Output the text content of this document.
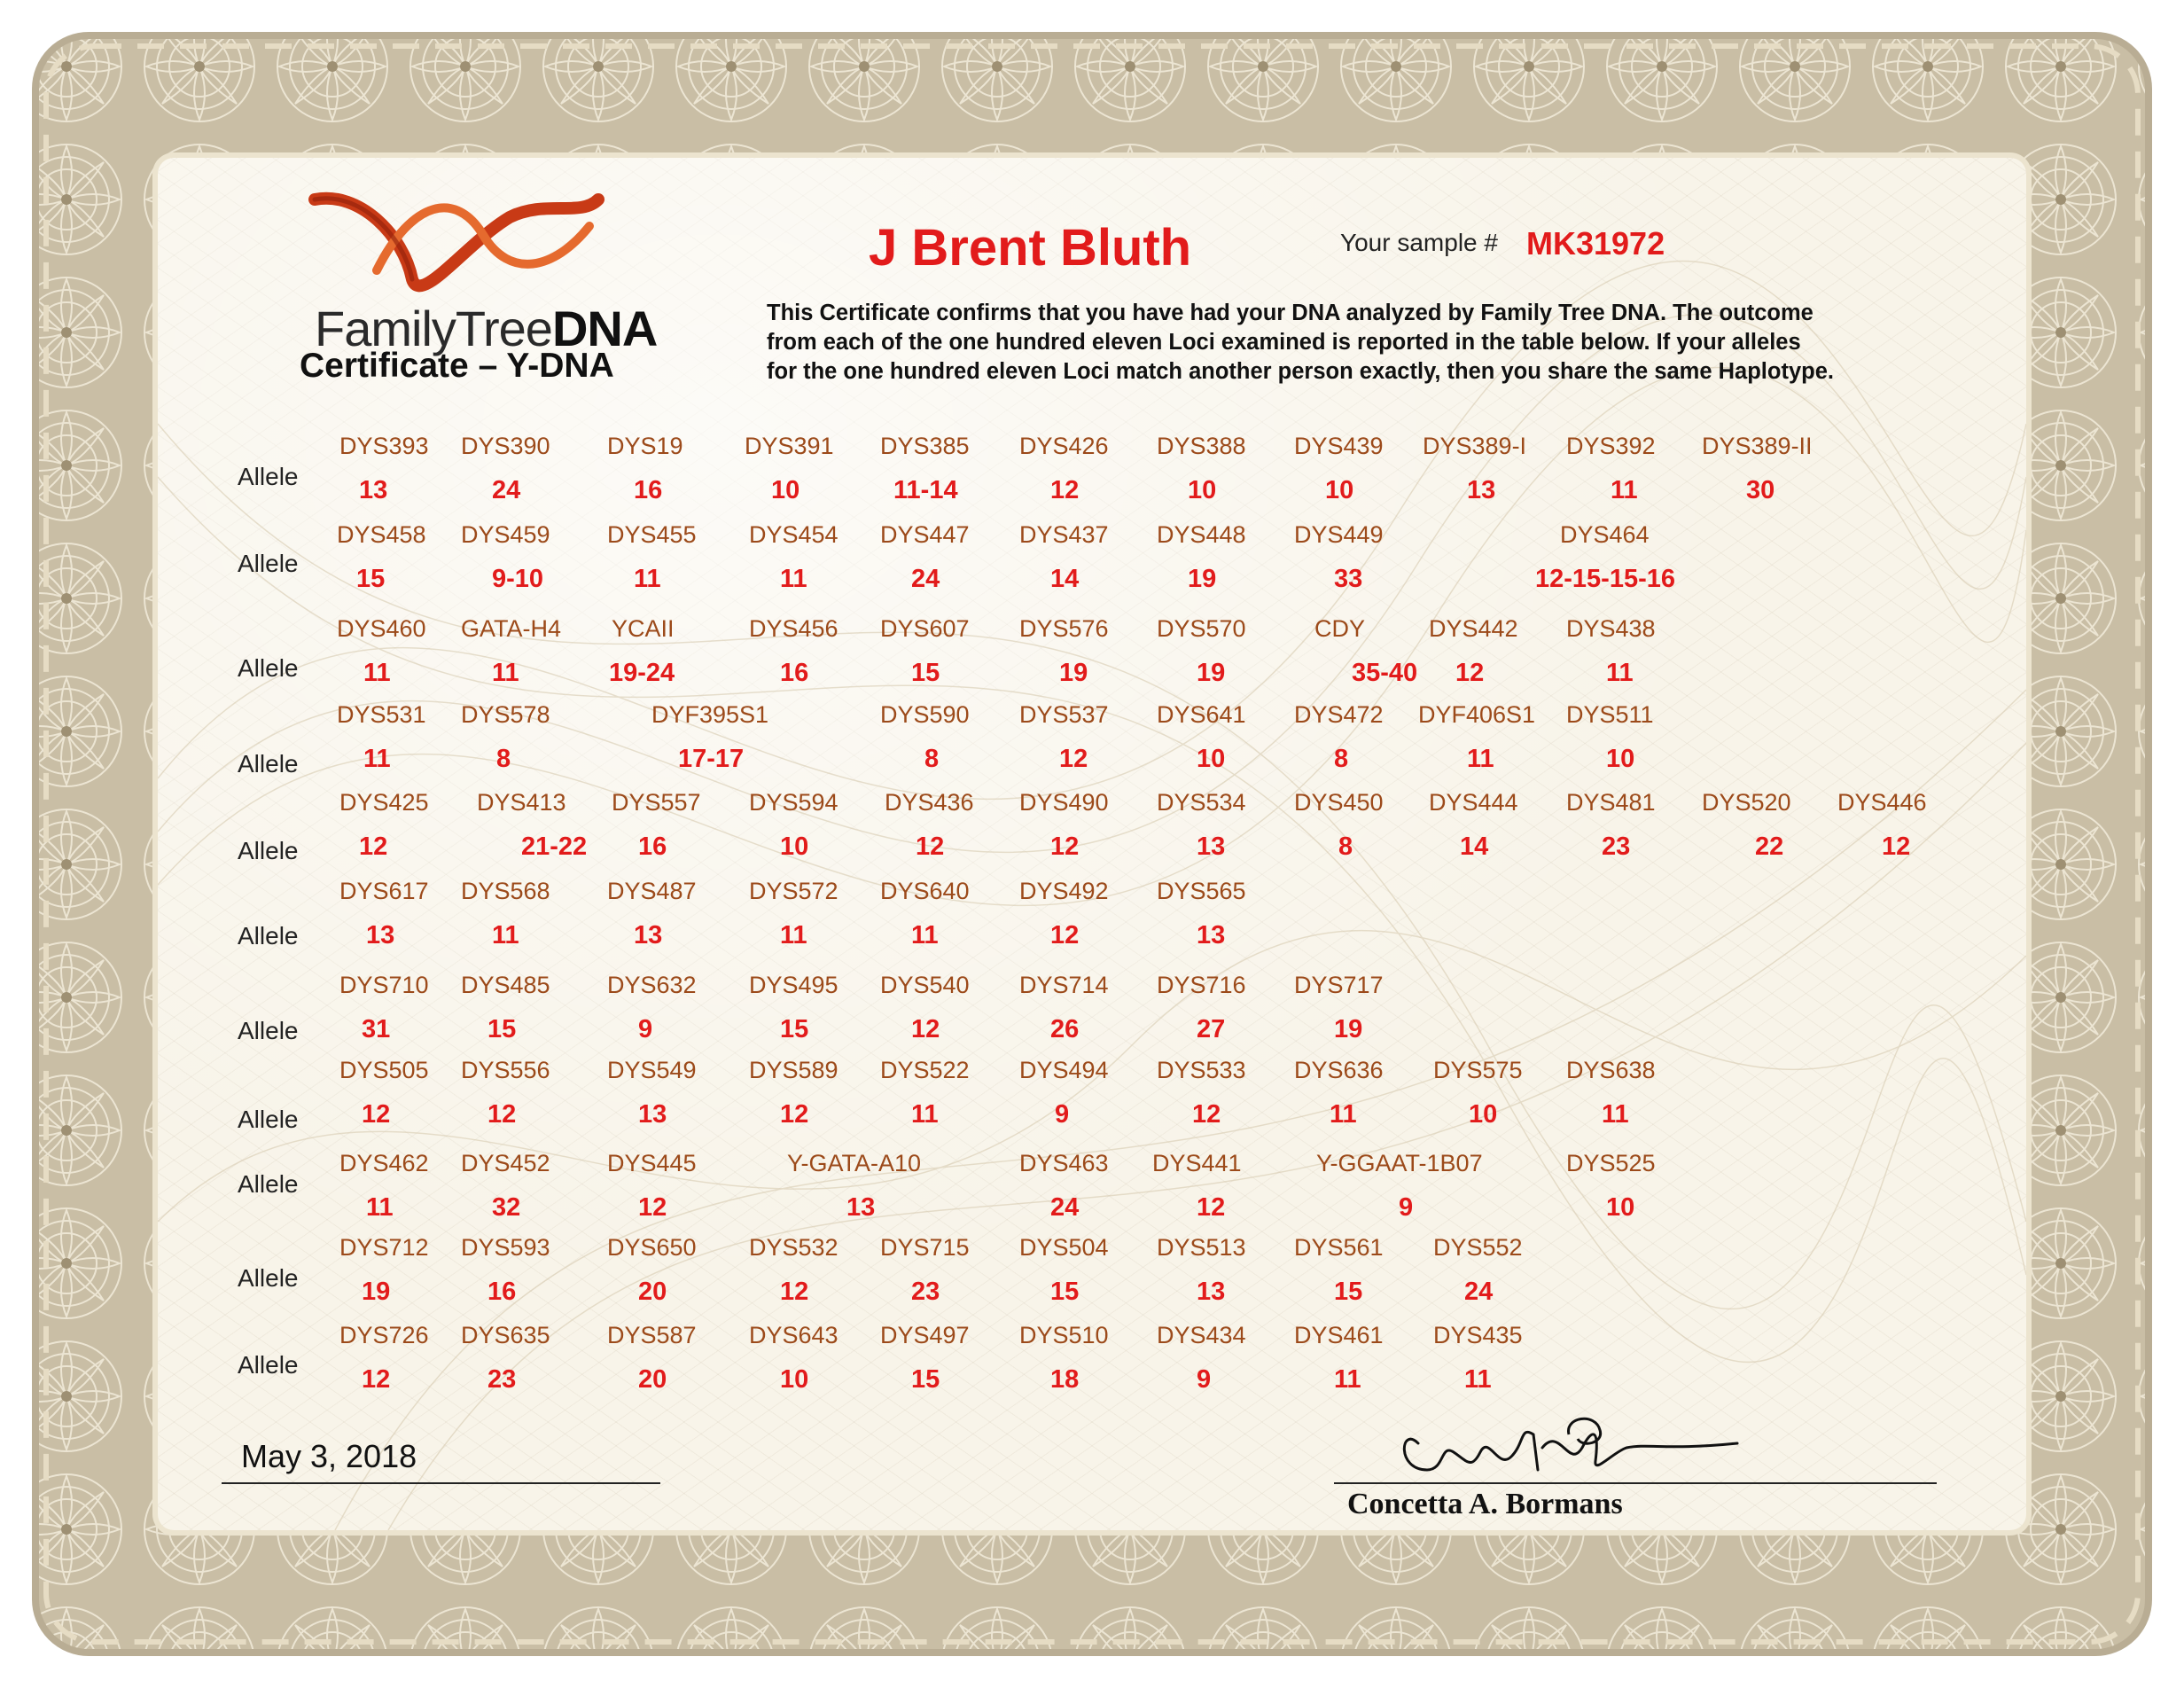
FamilyTreeDNA
Certificate – Y-DNA
J Brent Bluth	Your sample # MK31972
This Certificate confirms that you have had your DNA analyzed by Family Tree DNA. The outcome
from each of the one hundred eleven Loci examined is reported in the table below. If your alleles
for the one hundred eleven Loci match another person exactly, then you share the same Haplotype.
Allele
DYS393
13
DYS390
24
DYS19
16
DYS391
10
DYS385
11-14
DYS426
12
DYS388
10
DYS439
10
DYS389-I
13
DYS392
11
DYS389-II
30
Allele
DYS458
15
DYS459
9-10
DYS455
11
DYS454
11
DYS447
24
DYS437
14
DYS448
19
DYS449
33
DYS464
12-15-15-16
Allele
DYS460
11
GATA-H4
11
YCAII
19-24
DYS456
16
DYS607
15
DYS576
19
DYS570
19
CDY
35-40
DYS442
12
DYS438
11
Allele
DYS531
11
DYS578
8
DYF395S1
17-17
DYS590
8
DYS537
12
DYS641
10
DYS472
8
DYF406S1
11
DYS511
10
Allele
DYS425
12
DYS413
21-22
DYS557
16
DYS594
10
DYS436
12
DYS490
12
DYS534
13
DYS450
8
DYS444
14
DYS481
23
DYS520
22
DYS446
12
Allele
DYS617
13
DYS568
11
DYS487
13
DYS572
11
DYS640
11
DYS492
12
DYS565
13
Allele
DYS710
31
DYS485
15
DYS632
9
DYS495
15
DYS540
12
DYS714
26
DYS716
27
DYS717
19
Allele
DYS505
12
DYS556
12
DYS549
13
DYS589
12
DYS522
11
DYS494
9
DYS533
12
DYS636
11
DYS575
10
DYS638
11
Allele
DYS462
11
DYS452
32
DYS445
12
Y-GATA-A10
13
DYS463
24
DYS441
12
Y-GGAAT-1B07
9
DYS525
10
Allele
DYS712
19
DYS593
16
DYS650
20
DYS532
12
DYS715
23
DYS504
15
DYS513
13
DYS561
15
DYS552
24
Allele
DYS726
12
DYS635
23
DYS587
20
DYS643
10
DYS497
15
DYS510
18
DYS434
9
DYS461
11
DYS435
11
May 3, 2018
Concetta A. Bormans
